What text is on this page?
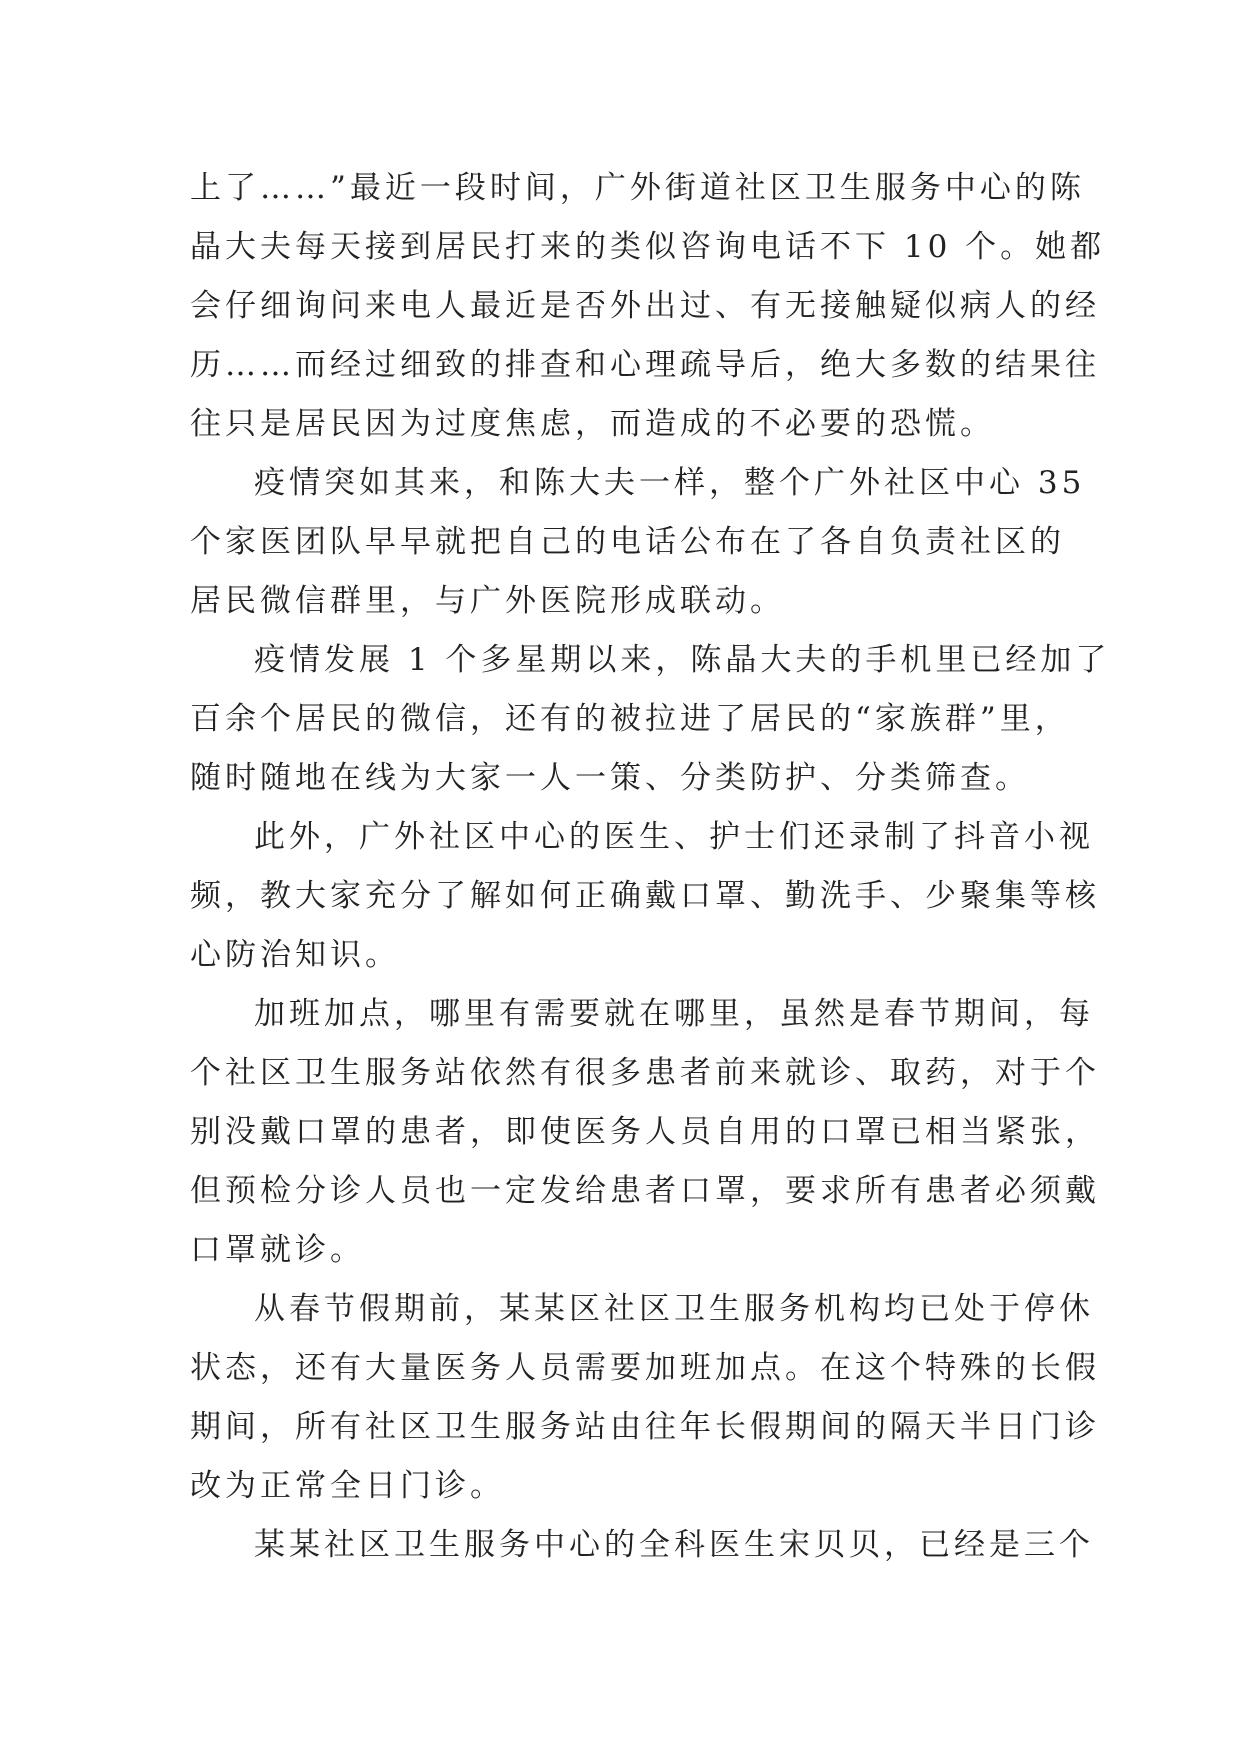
上了……”最近一段时间，广外街道社区卫生服务中心的陈
晶大夫每天接到居民打来的类似咨询电话不下 10 个。她都
会仔细询问来电人最近是否外出过、有无接触疑似病人的经
历……而经过细致的排查和心理疏导后，绝大多数的结果往
往只是居民因为过度焦虑，而造成的不必要的恐慌。
疫情突如其来，和陈大夫一样，整个广外社区中心 35
个家医团队早早就把自己的电话公布在了各自负责社区的
居民微信群里，与广外医院形成联动。
疫情发展 1 个多星期以来，陈晶大夫的手机里已经加了
百余个居民的微信，还有的被拉进了居民的“家族群”里，
随时随地在线为大家一人一策、分类防护、分类筛查。
此外，广外社区中心的医生、护士们还录制了抖音小视
频，教大家充分了解如何正确戴口罩、勤洗手、少聚集等核
心防治知识。
加班加点，哪里有需要就在哪里，虽然是春节期间，每
个社区卫生服务站依然有很多患者前来就诊、取药，对于个
别没戴口罩的患者，即使医务人员自用的口罩已相当紧张，
但预检分诊人员也一定发给患者口罩，要求所有患者必须戴
口罩就诊。
从春节假期前，某某区社区卫生服务机构均已处于停休
状态，还有大量医务人员需要加班加点。在这个特殊的长假
期间，所有社区卫生服务站由往年长假期间的隔天半日门诊
改为正常全日门诊。
某某社区卫生服务中心的全科医生宋贝贝，已经是三个
